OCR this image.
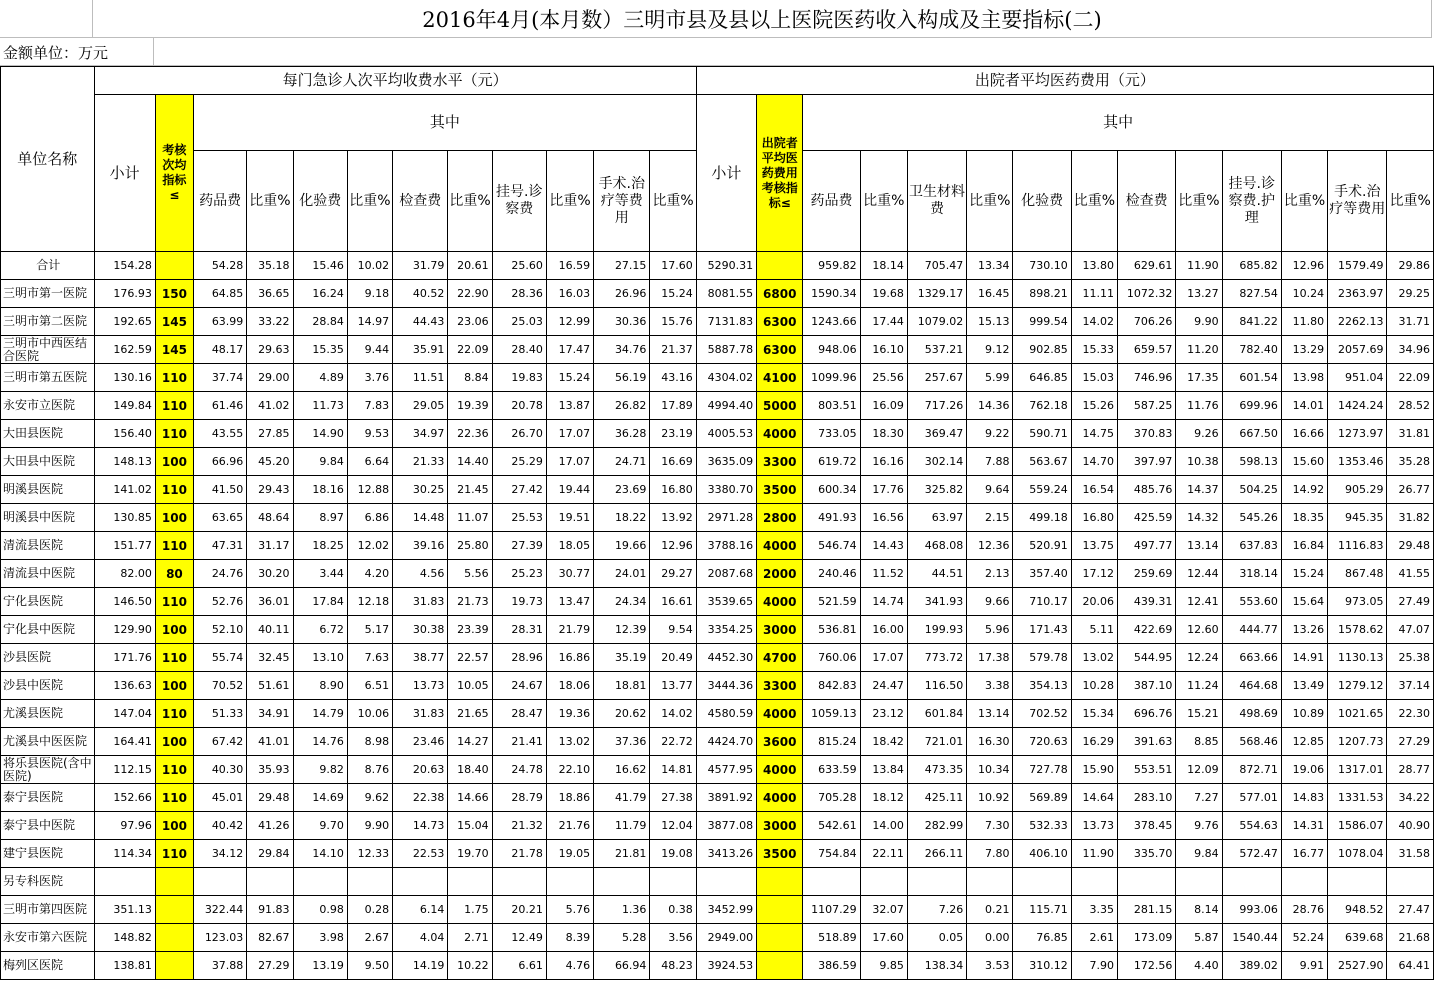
2016年4月(本月数）三明市县及县以上医院医药收入构成及主要指标(二)
金额单位：万元
单位名称	每门急诊人次平均收费水平（元）												出院者平均医药费用（元）													
	小计	考核次均指标≤	其中										小计	出院者平均医药费用考核指标≤	其中											
			药品费	比重%	化验费	比重%	检查费	比重%	挂号.诊察费	比重%	手术.治疗等费用	比重%			药品费	比重%	卫生材料费	比重%	化验费	比重%	检查费	比重%	挂号.诊察费.护理	比重%	手术.治疗等费用	比重%
合计	154.28		54.28	35.18	15.46	10.02	31.79	20.61	25.60	16.59	27.15	17.60	5290.31		959.82	18.14	705.47	13.34	730.10	13.80	629.61	11.90	685.82	12.96	1579.49	29.86
三明市第一医院	176.93	150	64.85	36.65	16.24	9.18	40.52	22.90	28.36	16.03	26.96	15.24	8081.55	6800	1590.34	19.68	1329.17	16.45	898.21	11.11	1072.32	13.27	827.54	10.24	2363.97	29.25
三明市第二医院	192.65	145	63.99	33.22	28.84	14.97	44.43	23.06	25.03	12.99	30.36	15.76	7131.83	6300	1243.66	17.44	1079.02	15.13	999.54	14.02	706.26	9.90	841.22	11.80	2262.13	31.71
三明市中西医结合医院	162.59	145	48.17	29.63	15.35	9.44	35.91	22.09	28.40	17.47	34.76	21.37	5887.78	6300	948.06	16.10	537.21	9.12	902.85	15.33	659.57	11.20	782.40	13.29	2057.69	34.96
三明市第五医院	130.16	110	37.74	29.00	4.89	3.76	11.51	8.84	19.83	15.24	56.19	43.16	4304.02	4100	1099.96	25.56	257.67	5.99	646.85	15.03	746.96	17.35	601.54	13.98	951.04	22.09
永安市立医院	149.84	110	61.46	41.02	11.73	7.83	29.05	19.39	20.78	13.87	26.82	17.89	4994.40	5000	803.51	16.09	717.26	14.36	762.18	15.26	587.25	11.76	699.96	14.01	1424.24	28.52
大田县医院	156.40	110	43.55	27.85	14.90	9.53	34.97	22.36	26.70	17.07	36.28	23.19	4005.53	4000	733.05	18.30	369.47	9.22	590.71	14.75	370.83	9.26	667.50	16.66	1273.97	31.81
大田县中医院	148.13	100	66.96	45.20	9.84	6.64	21.33	14.40	25.29	17.07	24.71	16.69	3635.09	3300	619.72	16.16	302.14	7.88	563.67	14.70	397.97	10.38	598.13	15.60	1353.46	35.28
明溪县医院	141.02	110	41.50	29.43	18.16	12.88	30.25	21.45	27.42	19.44	23.69	16.80	3380.70	3500	600.34	17.76	325.82	9.64	559.24	16.54	485.76	14.37	504.25	14.92	905.29	26.77
明溪县中医院	130.85	100	63.65	48.64	8.97	6.86	14.48	11.07	25.53	19.51	18.22	13.92	2971.28	2800	491.93	16.56	63.97	2.15	499.18	16.80	425.59	14.32	545.26	18.35	945.35	31.82
清流县医院	151.77	110	47.31	31.17	18.25	12.02	39.16	25.80	27.39	18.05	19.66	12.96	3788.16	4000	546.74	14.43	468.08	12.36	520.91	13.75	497.77	13.14	637.83	16.84	1116.83	29.48
清流县中医院	82.00	80	24.76	30.20	3.44	4.20	4.56	5.56	25.23	30.77	24.01	29.27	2087.68	2000	240.46	11.52	44.51	2.13	357.40	17.12	259.69	12.44	318.14	15.24	867.48	41.55
宁化县医院	146.50	110	52.76	36.01	17.84	12.18	31.83	21.73	19.73	13.47	24.34	16.61	3539.65	4000	521.59	14.74	341.93	9.66	710.17	20.06	439.31	12.41	553.60	15.64	973.05	27.49
宁化县中医院	129.90	100	52.10	40.11	6.72	5.17	30.38	23.39	28.31	21.79	12.39	9.54	3354.25	3000	536.81	16.00	199.93	5.96	171.43	5.11	422.69	12.60	444.77	13.26	1578.62	47.07
沙县医院	171.76	110	55.74	32.45	13.10	7.63	38.77	22.57	28.96	16.86	35.19	20.49	4452.30	4700	760.06	17.07	773.72	17.38	579.78	13.02	544.95	12.24	663.66	14.91	1130.13	25.38
沙县中医院	136.63	100	70.52	51.61	8.90	6.51	13.73	10.05	24.67	18.06	18.81	13.77	3444.36	3300	842.83	24.47	116.50	3.38	354.13	10.28	387.10	11.24	464.68	13.49	1279.12	37.14
尤溪县医院	147.04	110	51.33	34.91	14.79	10.06	31.83	21.65	28.47	19.36	20.62	14.02	4580.59	4000	1059.13	23.12	601.84	13.14	702.52	15.34	696.76	15.21	498.69	10.89	1021.65	22.30
尤溪县中医医院	164.41	100	67.42	41.01	14.76	8.98	23.46	14.27	21.41	13.02	37.36	22.72	4424.70	3600	815.24	18.42	721.01	16.30	720.63	16.29	391.63	8.85	568.46	12.85	1207.73	27.29
将乐县医院(含中医院)	112.15	110	40.30	35.93	9.82	8.76	20.63	18.40	24.78	22.10	16.62	14.81	4577.95	4000	633.59	13.84	473.35	10.34	727.78	15.90	553.51	12.09	872.71	19.06	1317.01	28.77
泰宁县医院	152.66	110	45.01	29.48	14.69	9.62	22.38	14.66	28.79	18.86	41.79	27.38	3891.92	4000	705.28	18.12	425.11	10.92	569.89	14.64	283.10	7.27	577.01	14.83	1331.53	34.22
泰宁县中医院	97.96	100	40.42	41.26	9.70	9.90	14.73	15.04	21.32	21.76	11.79	12.04	3877.08	3000	542.61	14.00	282.99	7.30	532.33	13.73	378.45	9.76	554.63	14.31	1586.07	40.90
建宁县医院	114.34	110	34.12	29.84	14.10	12.33	22.53	19.70	21.78	19.05	21.81	19.08	3413.26	3500	754.84	22.11	266.11	7.80	406.10	11.90	335.70	9.84	572.47	16.77	1078.04	31.58
另专科医院																										
三明市第四医院	351.13		322.44	91.83	0.98	0.28	6.14	1.75	20.21	5.76	1.36	0.38	3452.99		1107.29	32.07	7.26	0.21	115.71	3.35	281.15	8.14	993.06	28.76	948.52	27.47
永安市第六医院	148.82		123.03	82.67	3.98	2.67	4.04	2.71	12.49	8.39	5.28	3.56	2949.00		518.89	17.60	0.05	0.00	76.85	2.61	173.09	5.87	1540.44	52.24	639.68	21.68
梅列区医院	138.81		37.88	27.29	13.19	9.50	14.19	10.22	6.61	4.76	66.94	48.23	3924.53		386.59	9.85	138.34	3.53	310.12	7.90	172.56	4.40	389.02	9.91	2527.90	64.41
